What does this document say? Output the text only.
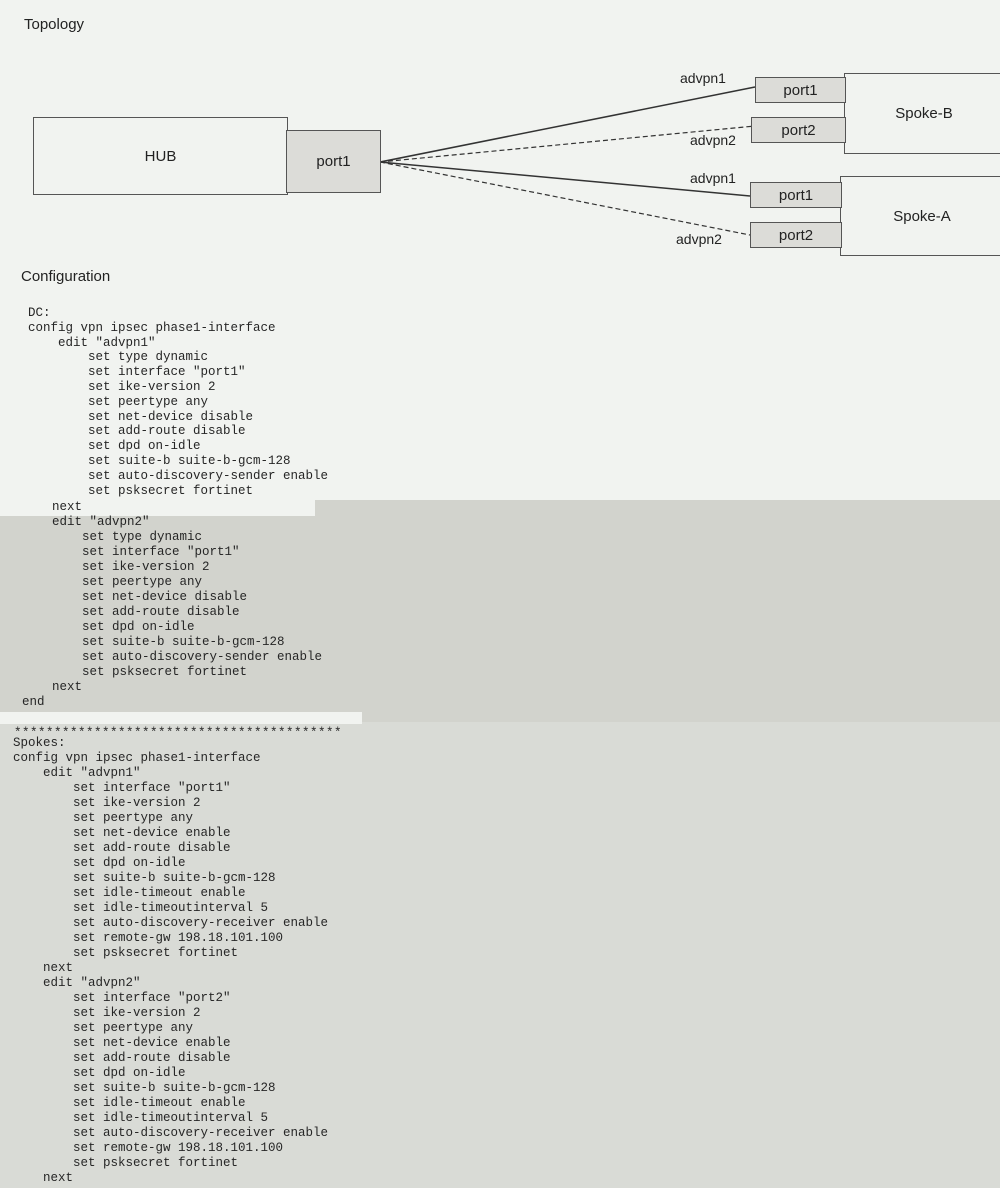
Topology
HUB	port1
Spoke-B
port1
port2
Spoke-A
port1
port2
advpn1
advpn2
advpn1
advpn2
Configuration
DC:
config vpn ipsec phase1-interface
edit "advpn1"
set type dynamic
set interface "port1"
set ike-version 2
set peertype any
set net-device disable
set add-route disable
set dpd on-idle
set suite-b suite-b-gcm-128
set auto-discovery-sender enable
set psksecret fortinet
next
edit "advpn2"
set type dynamic
set interface "port1"
set ike-version 2
set peertype any
set net-device disable
set add-route disable
set dpd on-idle
set suite-b suite-b-gcm-128
set auto-discovery-sender enable
set psksecret fortinet
next
end
*****************************************
Spokes:
config vpn ipsec phase1-interface
edit "advpn1"
set interface "port1"
set ike-version 2
set peertype any
set net-device enable
set add-route disable
set dpd on-idle
set suite-b suite-b-gcm-128
set idle-timeout enable
set idle-timeoutinterval 5
set auto-discovery-receiver enable
set remote-gw 198.18.101.100
set psksecret fortinet
next
edit "advpn2"
set interface "port2"
set ike-version 2
set peertype any
set net-device enable
set add-route disable
set dpd on-idle
set suite-b suite-b-gcm-128
set idle-timeout enable
set idle-timeoutinterval 5
set auto-discovery-receiver enable
set remote-gw 198.18.101.100
set psksecret fortinet
next
